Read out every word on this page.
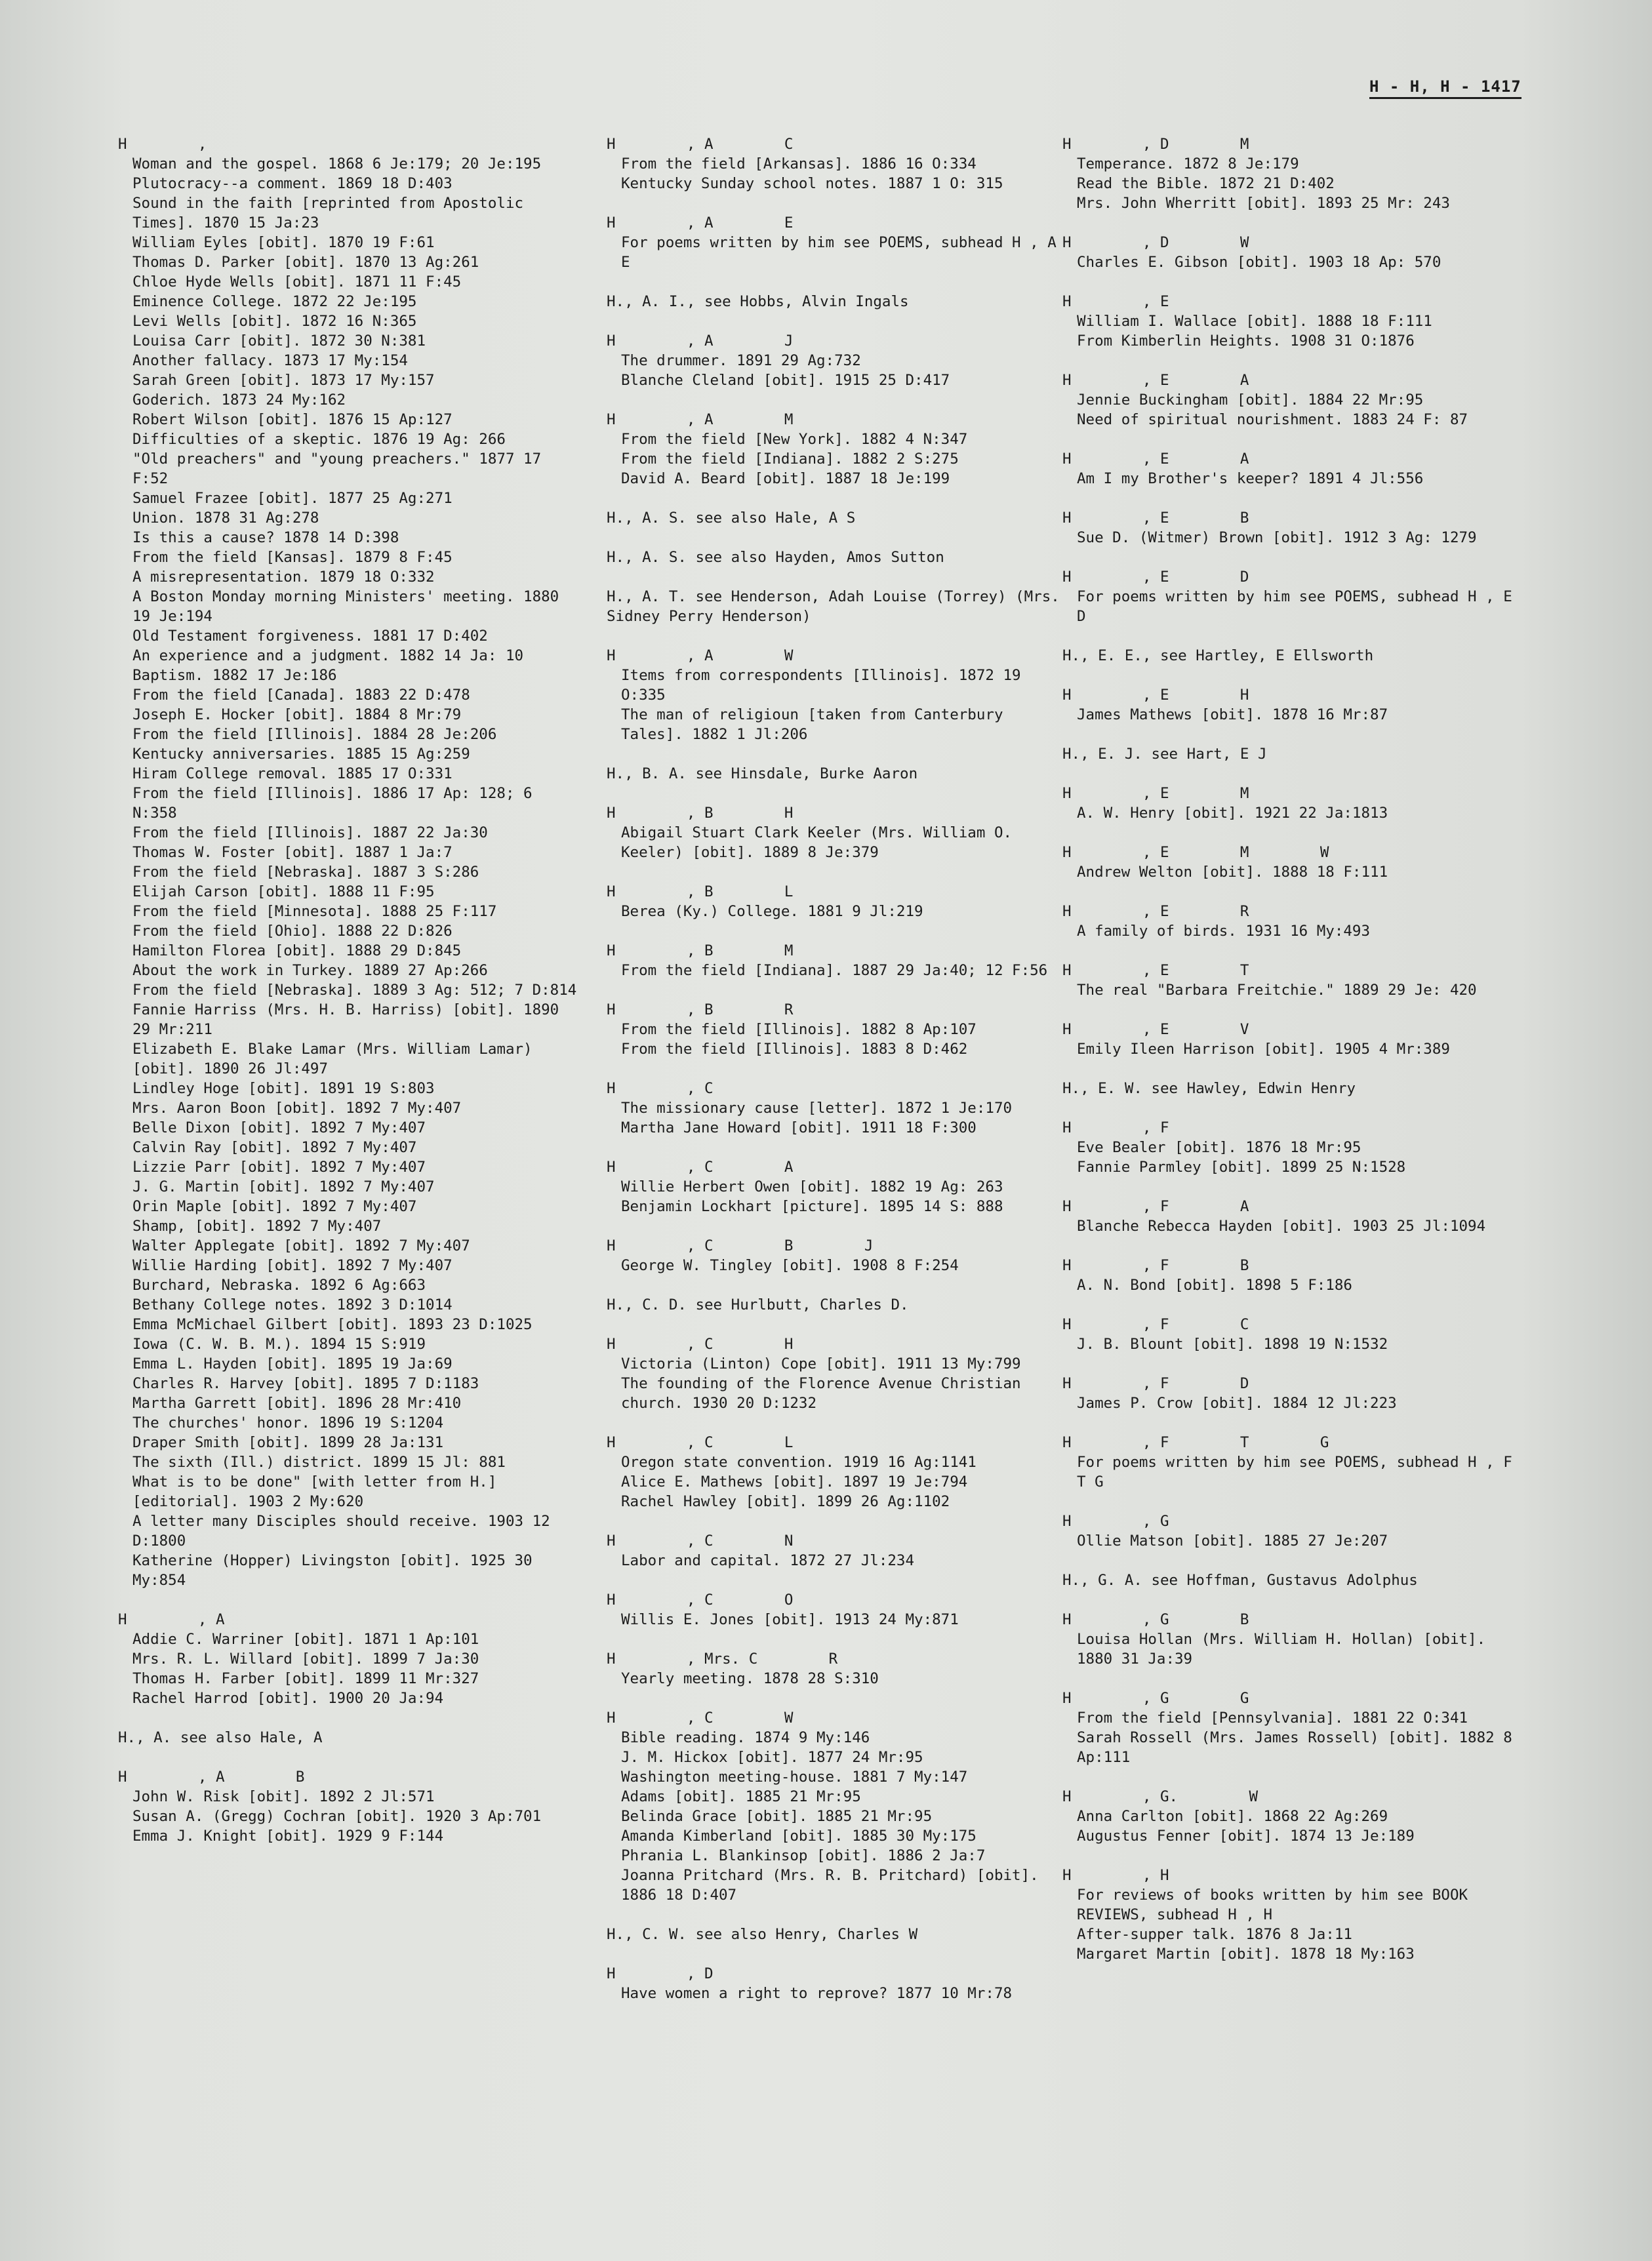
H - H, H - 1417
H        ,
Woman and the gospel. 1868 6 Je:179; 20 Je:195
Plutocracy--a comment. 1869 18 D:403
Sound in the faith [reprinted from Apostolic Times]. 1870 15 Ja:23
William Eyles [obit]. 1870 19 F:61
Thomas D. Parker [obit]. 1870 13 Ag:261
Chloe Hyde Wells [obit]. 1871 11 F:45
Eminence College. 1872 22 Je:195
Levi Wells [obit]. 1872 16 N:365
Louisa Carr [obit]. 1872 30 N:381
Another fallacy. 1873 17 My:154
Sarah Green [obit]. 1873 17 My:157
Goderich. 1873 24 My:162
Robert Wilson [obit]. 1876 15 Ap:127
Difficulties of a skeptic. 1876 19 Ag: 266
"Old preachers" and "young preachers." 1877 17 F:52
Samuel Frazee [obit]. 1877 25 Ag:271
Union. 1878 31 Ag:278
Is this a cause? 1878 14 D:398
From the field [Kansas]. 1879 8 F:45
A misrepresentation. 1879 18 O:332
A Boston Monday morning Ministers' meeting. 1880 19 Je:194
Old Testament forgiveness. 1881 17 D:402
An experience and a judgment. 1882 14 Ja: 10
Baptism. 1882 17 Je:186
From the field [Canada]. 1883 22 D:478
Joseph E. Hocker [obit]. 1884 8 Mr:79
From the field [Illinois]. 1884 28 Je:206
Kentucky anniversaries. 1885 15 Ag:259
Hiram College removal. 1885 17 O:331
From the field [Illinois]. 1886 17 Ap: 128; 6 N:358
From the field [Illinois]. 1887 22 Ja:30
Thomas W. Foster [obit]. 1887 1 Ja:7
From the field [Nebraska]. 1887 3 S:286
Elijah Carson [obit]. 1888 11 F:95
From the field [Minnesota]. 1888 25 F:117
From the field [Ohio]. 1888 22 D:826
Hamilton Florea [obit]. 1888 29 D:845
About the work in Turkey. 1889 27 Ap:266
From the field [Nebraska]. 1889 3 Ag: 512; 7 D:814
Fannie Harriss (Mrs. H. B. Harriss) [obit]. 1890 29 Mr:211
Elizabeth E. Blake Lamar (Mrs. William Lamar) [obit]. 1890 26 Jl:497
Lindley Hoge [obit]. 1891 19 S:803
Mrs. Aaron Boon [obit]. 1892 7 My:407
Belle Dixon [obit]. 1892 7 My:407
Calvin Ray [obit]. 1892 7 My:407
Lizzie Parr [obit]. 1892 7 My:407
J. G. Martin [obit]. 1892 7 My:407
Orin Maple [obit]. 1892 7 My:407
Shamp, [obit]. 1892 7 My:407
Walter Applegate [obit]. 1892 7 My:407
Willie Harding [obit]. 1892 7 My:407
Burchard, Nebraska. 1892 6 Ag:663
Bethany College notes. 1892 3 D:1014
Emma McMichael Gilbert [obit]. 1893 23 D:1025
Iowa (C. W. B. M.). 1894 15 S:919
Emma L. Hayden [obit]. 1895 19 Ja:69
Charles R. Harvey [obit]. 1895 7 D:1183
Martha Garrett [obit]. 1896 28 Mr:410
The churches' honor. 1896 19 S:1204
Draper Smith [obit]. 1899 28 Ja:131
The sixth (Ill.) district. 1899 15 Jl: 881
What is to be done" [with letter from H.] [editorial]. 1903 2 My:620
A letter many Disciples should receive. 1903 12 D:1800
Katherine (Hopper) Livingston [obit]. 1925 30 My:854
H        , A
Addie C. Warriner [obit]. 1871 1 Ap:101
Mrs. R. L. Willard [obit]. 1899 7 Ja:30
Thomas H. Farber [obit]. 1899 11 Mr:327
Rachel Harrod [obit]. 1900 20 Ja:94
H., A. see also Hale, A
H        , A        B
John W. Risk [obit]. 1892 2 Jl:571
Susan A. (Gregg) Cochran [obit]. 1920 3 Ap:701
Emma J. Knight [obit]. 1929 9 F:144
H        , A        C
From the field [Arkansas]. 1886 16 O:334
Kentucky Sunday school notes. 1887 1 O: 315
H        , A        E
For poems written by him see POEMS, subhead H , A E
H., A. I., see Hobbs, Alvin Ingals
H        , A        J
The drummer. 1891 29 Ag:732
Blanche Cleland [obit]. 1915 25 D:417
H        , A        M
From the field [New York]. 1882 4 N:347
From the field [Indiana]. 1882 2 S:275
David A. Beard [obit]. 1887 18 Je:199
H., A. S. see also Hale, A S
H., A. S. see also Hayden, Amos Sutton
H., A. T. see Henderson, Adah Louise (Torrey) (Mrs. Sidney Perry Henderson)
H        , A        W
Items from correspondents [Illinois]. 1872 19 O:335
The man of religioun [taken from Canterbury Tales]. 1882 1 Jl:206
H., B. A. see Hinsdale, Burke Aaron
H        , B        H
Abigail Stuart Clark Keeler (Mrs. William O. Keeler) [obit]. 1889 8 Je:379
H        , B        L
Berea (Ky.) College. 1881 9 Jl:219
H        , B        M
From the field [Indiana]. 1887 29 Ja:40; 12 F:56
H        , B        R
From the field [Illinois]. 1882 8 Ap:107
From the field [Illinois]. 1883 8 D:462
H        , C
The missionary cause [letter]. 1872 1 Je:170
Martha Jane Howard [obit]. 1911 18 F:300
H        , C        A
Willie Herbert Owen [obit]. 1882 19 Ag: 263
Benjamin Lockhart [picture]. 1895 14 S: 888
H        , C        B        J
George W. Tingley [obit]. 1908 8 F:254
H., C. D. see Hurlbutt, Charles D.
H        , C        H
Victoria (Linton) Cope [obit]. 1911 13 My:799
The founding of the Florence Avenue Christian church. 1930 20 D:1232
H        , C        L
Oregon state convention. 1919 16 Ag:1141
Alice E. Mathews [obit]. 1897 19 Je:794
Rachel Hawley [obit]. 1899 26 Ag:1102
H        , C        N
Labor and capital. 1872 27 Jl:234
H        , C        O
Willis E. Jones [obit]. 1913 24 My:871
H        , Mrs. C        R
Yearly meeting. 1878 28 S:310
H        , C        W
Bible reading. 1874 9 My:146
J. M. Hickox [obit]. 1877 24 Mr:95
Washington meeting-house. 1881 7 My:147
Adams [obit]. 1885 21 Mr:95
Belinda Grace [obit]. 1885 21 Mr:95
Amanda Kimberland [obit]. 1885 30 My:175
Phrania L. Blankinsop [obit]. 1886 2 Ja:7
Joanna Pritchard (Mrs. R. B. Pritchard) [obit]. 1886 18 D:407
H., C. W. see also Henry, Charles W
H        , D
Have women a right to reprove? 1877 10 Mr:78
H        , D        M
Temperance. 1872 8 Je:179
Read the Bible. 1872 21 D:402
Mrs. John Wherritt [obit]. 1893 25 Mr: 243
H        , D        W
Charles E. Gibson [obit]. 1903 18 Ap: 570
H        , E
William I. Wallace [obit]. 1888 18 F:111
From Kimberlin Heights. 1908 31 O:1876
H        , E        A
Jennie Buckingham [obit]. 1884 22 Mr:95
Need of spiritual nourishment. 1883 24 F: 87
H        , E        A
Am I my Brother's keeper? 1891 4 Jl:556
H        , E        B
Sue D. (Witmer) Brown [obit]. 1912 3 Ag: 1279
H        , E        D
For poems written by him see POEMS, subhead H , E D
H., E. E., see Hartley, E Ellsworth
H        , E        H
James Mathews [obit]. 1878 16 Mr:87
H., E. J. see Hart, E J
H        , E        M
A. W. Henry [obit]. 1921 22 Ja:1813
H        , E        M        W
Andrew Welton [obit]. 1888 18 F:111
H        , E        R
A family of birds. 1931 16 My:493
H        , E        T
The real "Barbara Freitchie." 1889 29 Je: 420
H        , E        V
Emily Ileen Harrison [obit]. 1905 4 Mr:389
H., E. W. see Hawley, Edwin Henry
H        , F
Eve Bealer [obit]. 1876 18 Mr:95
Fannie Parmley [obit]. 1899 25 N:1528
H        , F        A
Blanche Rebecca Hayden [obit]. 1903 25 Jl:1094
H        , F        B
A. N. Bond [obit]. 1898 5 F:186
H        , F        C
J. B. Blount [obit]. 1898 19 N:1532
H        , F        D
James P. Crow [obit]. 1884 12 Jl:223
H        , F        T        G
For poems written by him see POEMS, subhead H , F T G
H        , G
Ollie Matson [obit]. 1885 27 Je:207
H., G. A. see Hoffman, Gustavus Adolphus
H        , G        B
Louisa Hollan (Mrs. William H. Hollan) [obit]. 1880 31 Ja:39
H        , G        G
From the field [Pennsylvania]. 1881 22 O:341
Sarah Rossell (Mrs. James Rossell) [obit]. 1882 8 Ap:111
H        , G.        W
Anna Carlton [obit]. 1868 22 Ag:269
Augustus Fenner [obit]. 1874 13 Je:189
H        , H
For reviews of books written by him see BOOK REVIEWS, subhead H , H
After-supper talk. 1876 8 Ja:11
Margaret Martin [obit]. 1878 18 My:163
